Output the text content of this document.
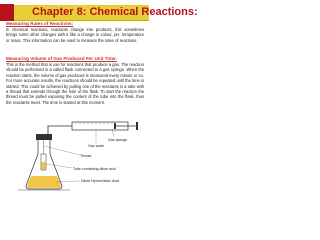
Chapter 8: Chemical Reactions:
Measuring Rates of Reactions:
In chemical reactions, reactants change into products, this sometimes brings some other changes with it like a change in colour, pH, temperature or mass. This information can be used to measure the rates of reactions.
Measuring Volume of Gas Produced Per Unit Time:
This is the method that is use for reactions that produce a gas. The reaction should be performed in a called flask connected to a gas syringe. When the reaction starts, the volume of gas produced is measured every minute or so. For more accurate results, the reactions should be repeated until the time is started. This could be achieved by pulling one of the reactants in a tube with a thread that extends through the hole of the flask. To start the reaction the thread must be pulled exposing the content of the tube into the flask, thus the reactants meet. The time is started at this moment.
Gas syringe
Gas scale
Thread
Tube containing dilute acid
Dilute Hydrochloric Acid
